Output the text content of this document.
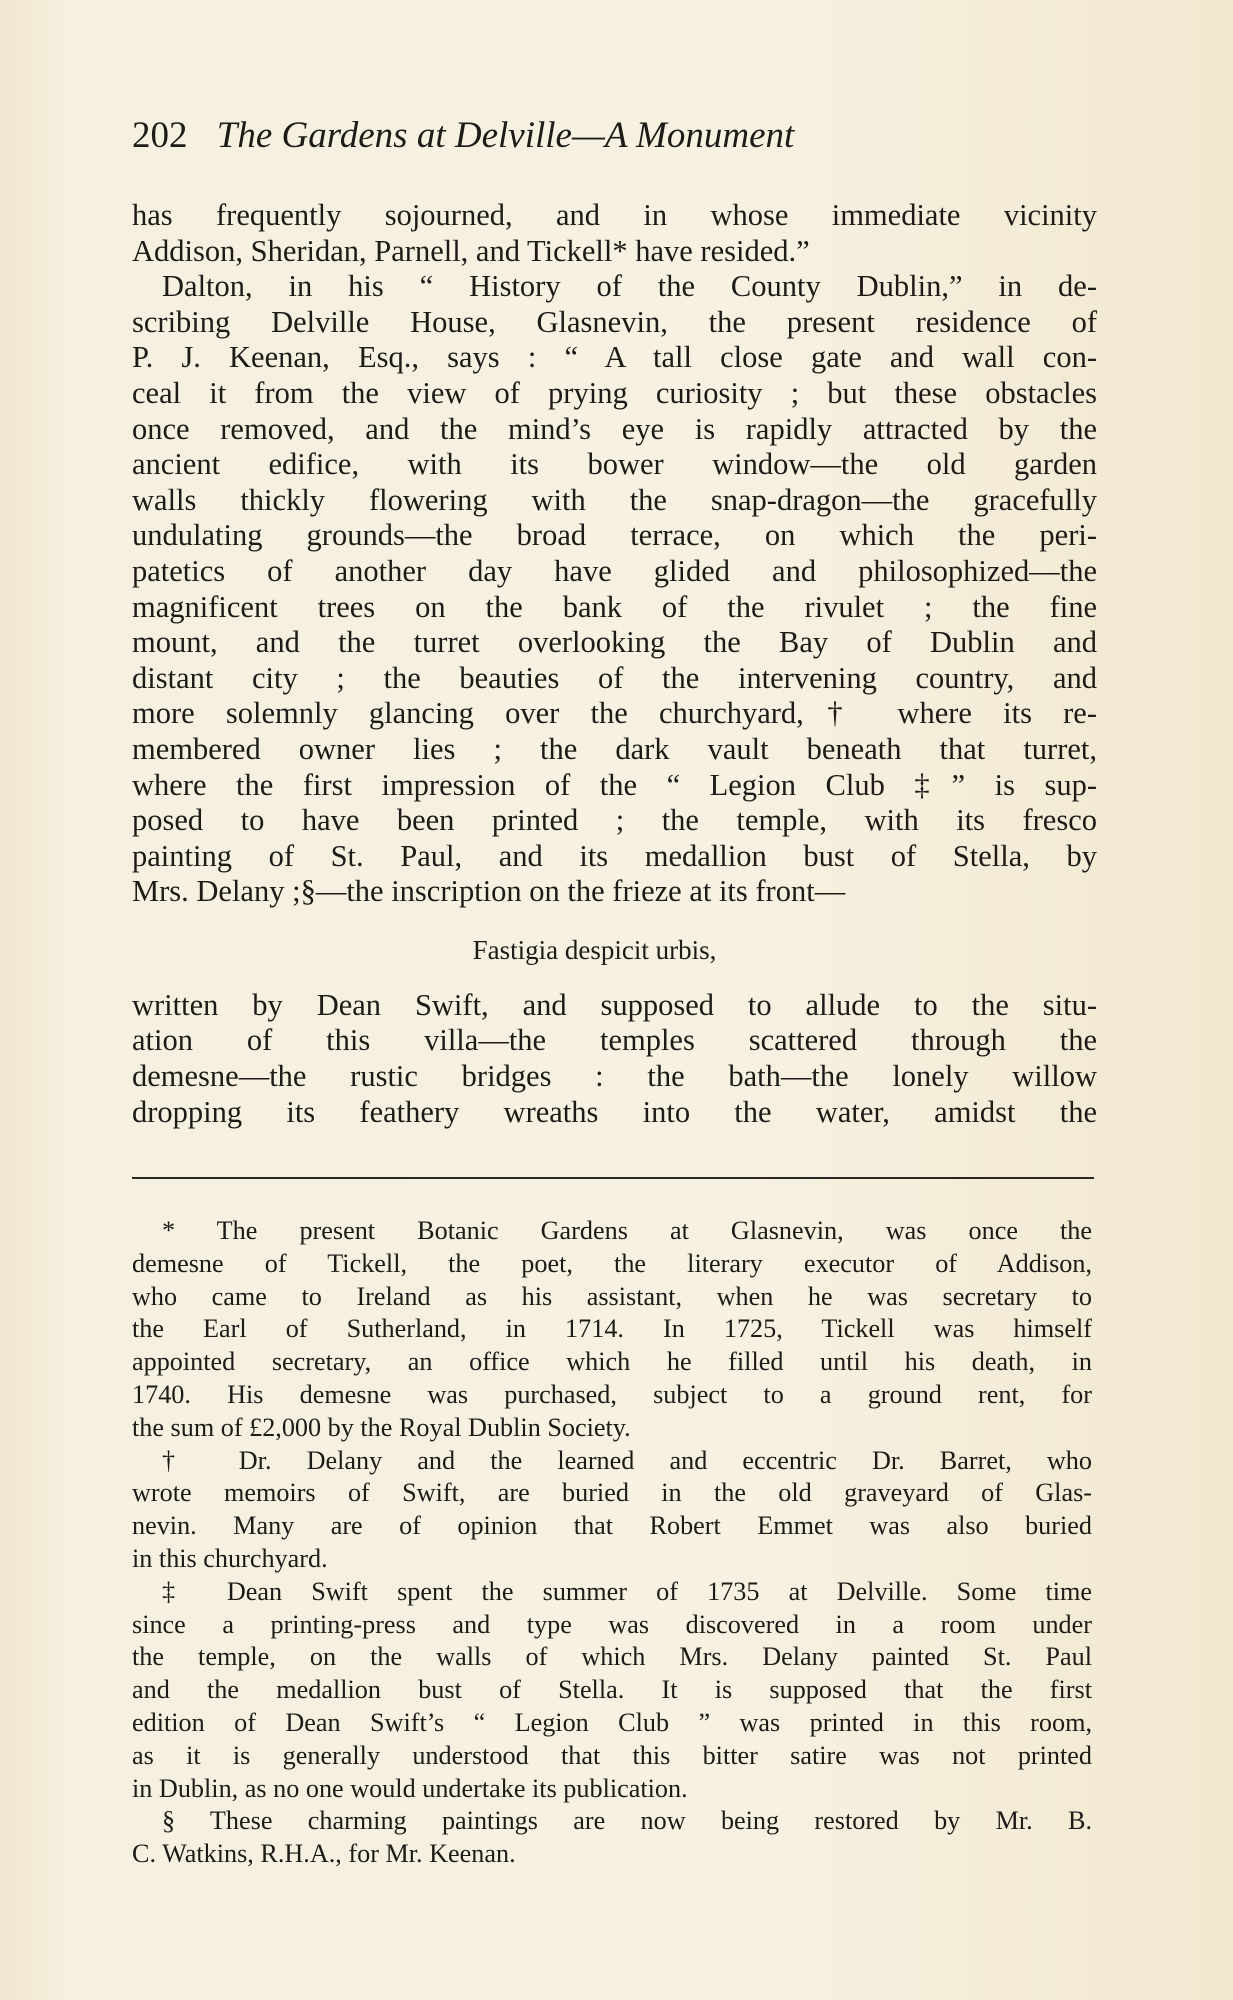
202 The Gardens at Delville—A Monument
has frequently sojourned, and in whose immediate vicinity
Addison, Sheridan, Parnell, and Tickell* have resided.”
Dalton, in his “ History of the County Dublin,” in de-
scribing Delville House, Glasnevin, the present residence of
P. J. Keenan, Esq., says : “ A tall close gate and wall con-
ceal it from the view of prying curiosity ; but these obstacles
once removed, and the mind’s eye is rapidly attracted by the
ancient edifice, with its bower window—the old garden
walls thickly flowering with the snap-dragon—the gracefully
undulating grounds—the broad terrace, on which the peri-
patetics of another day have glided and philosophized—the
magnificent trees on the bank of the rivulet ; the fine
mount, and the turret overlooking the Bay of Dublin and
distant city ; the beauties of the intervening country, and
more solemnly glancing over the churchyard,† where its re-
membered owner lies ; the dark vault beneath that turret,
where the first impression of the “ Legion Club ‡” is sup-
posed to have been printed ; the temple, with its fresco
painting of St. Paul, and its medallion bust of Stella, by
Mrs. Delany ;§—the inscription on the frieze at its front—
Fastigia despicit urbis,
written by Dean Swift, and supposed to allude to the situ-
ation of this villa—the temples scattered through the
demesne—the rustic bridges : the bath—the lonely willow
dropping its feathery wreaths into the water, amidst the
* The present Botanic Gardens at Glasnevin, was once the
demesne of Tickell, the poet, the literary executor of Addison,
who came to Ireland as his assistant, when he was secretary to
the Earl of Sutherland, in 1714. In 1725, Tickell was himself
appointed secretary, an office which he filled until his death, in
1740. His demesne was purchased, subject to a ground rent, for
the sum of £2,000 by the Royal Dublin Society.
† Dr. Delany and the learned and eccentric Dr. Barret, who
wrote memoirs of Swift, are buried in the old graveyard of Glas-
nevin. Many are of opinion that Robert Emmet was also buried
in this churchyard.
‡ Dean Swift spent the summer of 1735 at Delville. Some time
since a printing-press and type was discovered in a room under
the temple, on the walls of which Mrs. Delany painted St. Paul
and the medallion bust of Stella. It is supposed that the first
edition of Dean Swift’s “ Legion Club ” was printed in this room,
as it is generally understood that this bitter satire was not printed
in Dublin, as no one would undertake its publication.
§ These charming paintings are now being restored by Mr. B.
C. Watkins, R.H.A., for Mr. Keenan.
